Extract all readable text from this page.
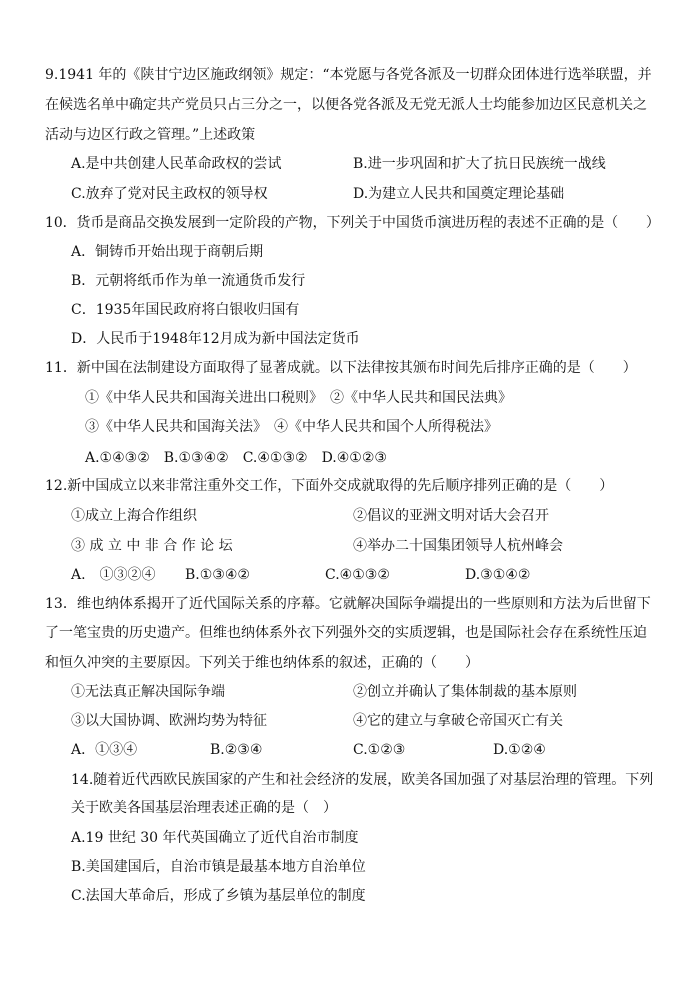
9.1941 年的《陕甘宁边区施政纲领》规定：“本党愿与各党各派及一切群众团体进行选举联盟，并
在候选名单中确定共产党员只占三分之一，以便各党各派及无党无派人士均能参加边区民意机关之
活动与边区行政之管理。”上述政策
A.是中共创建人民革命政权的尝试	B.进一步巩固和扩大了抗日民族统一战线
C.放弃了党对民主政权的领导权	D.为建立人民共和国奠定理论基础
10．货币是商品交换发展到一定阶段的产物，下列关于中国货币演进历程的表述不正确的是（　　）
A．铜铸币开始出现于商朝后期
B．元朝将纸币作为单一流通货币发行
C．1935年国民政府将白银收归国有
D．人民币于1948年12月成为新中国法定货币
11．新中国在法制建设方面取得了显著成就。以下法律按其颁布时间先后排序正确的是（　　）
①《中华人民共和国海关进出口税则》　②《中华人民共和国民法典》
③《中华人民共和国海关法》　④《中华人民共和国个人所得税法》
A.①④③②　B.①③④②　C.④①③②　D.④①②③
12.新中国成立以来非常注重外交工作，下面外交成就取得的先后顺序排列正确的是（　　）
①成立上海合作组织	②倡议的亚洲文明对话大会召开
③ 成 立 中 非 合 作 论 坛	④举办二十国集团领导人杭州峰会
A.　①③②④ B.①③④②	C.④①③②	D.③①④②
13．维也纳体系揭开了近代国际关系的序幕。它就解决国际争端提出的一些原则和方法为后世留下
了一笔宝贵的历史遗产。但维也纳体系外衣下列强外交的实质逻辑，也是国际社会存在系统性压迫
和恒久冲突的主要原因。下列关于维也纳体系的叙述，正确的（　　）
①无法真正解决国际争端	②创立并确认了集体制裁的基本原则
③以大国协调、欧洲均势为特征	④它的建立与拿破仑帝国灭亡有关
A．①③④	B.②③④	C.①②③	D.①②④
14.随着近代西欧民族国家的产生和社会经济的发展，欧美各国加强了对基层治理的管理。下列
关于欧美各国基层治理表述正确的是（　）
A.19 世纪 30 年代英国确立了近代自治市制度
B.美国建国后，自治市镇是最基本地方自治单位
C.法国大革命后，形成了乡镇为基层单位的制度
